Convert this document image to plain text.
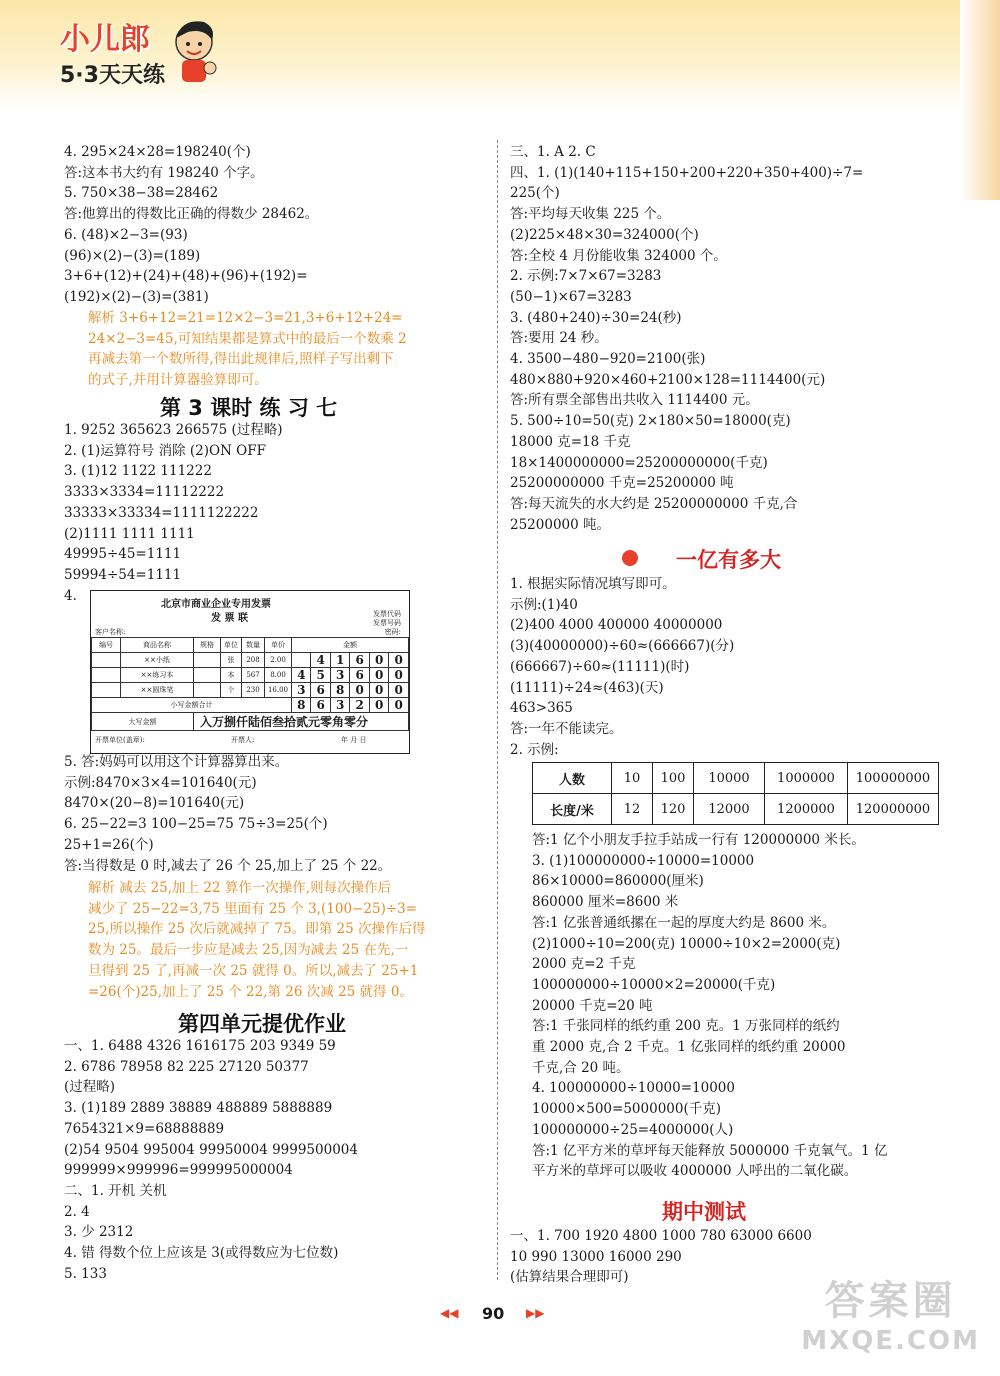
小儿郎
5·3天天练
4. 295×24×28=198240(个)
答:这本书大约有 198240 个字。
5. 750×38−38=28462
答:他算出的得数比正确的得数少 28462。
6. (48)×2−3=(93)
(96)×(2)−(3)=(189)
3+6+(12)+(24)+(48)+(96)+(192)=
(192)×(2)−(3)=(381)
解析 3+6+12=21=12×2−3=21,3+6+12+24=
24×2−3=45,可知结果都是算式中的最后一个数乘 2
再减去第一个数所得,得出此规律后,照样子写出剩下
的式子,并用计算器验算即可。
第 3 课时 练 习 七
1. 9252 365623 266575 (过程略)
2. (1)运算符号 消除 (2)ON OFF
3. (1)12 1122 111222
3333×3334=11112222
33333×33334=1111122222
(2)1111 1111 1111
49995÷45=1111
59994÷54=1111
4.
5. 答:妈妈可以用这个计算器算出来。
示例:8470×3×4=101640(元)
8470×(20−8)=101640(元)
6. 25−22=3 100−25=75 75÷3=25(个)
25+1=26(个)
答:当得数是 0 时,减去了 26 个 25,加上了 25 个 22。
解析 减去 25,加上 22 算作一次操作,则每次操作后
减少了 25−22=3,75 里面有 25 个 3,(100−25)÷3=
25,所以操作 25 次后就减掉了 75。即第 25 次操作后得
数为 25。最后一步应是减去 25,因为减去 25 在先,一
旦得到 25 了,再减一次 25 就得 0。所以,减去了 25+1
=26(个)25,加上了 25 个 22,第 26 次减 25 就得 0。
第四单元提优作业
一、1. 6488 4326 1616175 203 9349 59
2. 6786 78958 82 225 27120 50377
(过程略)
3. (1)189 2889 38889 488889 5888889
7654321×9=68888889
(2)54 9504 995004 99950004 9999500004
999999×999996=999995000004
二、1. 开机 关机
2. 4
3. 少 2312
4. 错 得数个位上应该是 3(或得数应为七位数)
5. 133
北京市商业企业专用发票
发 票 联	发票代码
发票号码
密码:
客户名称:
编号	商品名称	规格	单位	数量	单价	金额					
	××小纸		张	208	2.00		4	1	6	0	0
	××练习本		本	567	8.00	4	5	3	6	0	0
	××圆珠笔		个	230	16.00	3	6	8	0	0	0
小写金额合计						8	6	3	2	0	0
大写金额		⼊万捌仟陆佰叁拾贰元零角零分									
开票单位(盖章):	开票人:	年 月 日
三、1. A 2. C
四、1. (1)(140+115+150+200+220+350+400)÷7=
225(个)
答:平均每天收集 225 个。
(2)225×48×30=324000(个)
答:全校 4 月份能收集 324000 个。
2. 示例:7×7×67=3283
(50−1)×67=3283
3. (480+240)÷30=24(秒)
答:要用 24 秒。
4. 3500−480−920=2100(张)
480×880+920×460+2100×128=1114400(元)
答:所有票全部售出共收入 1114400 元。
5. 500÷10=50(克) 2×180×50=18000(克)
18000 克=18 千克
18×1400000000=25200000000(千克)
25200000000 千克=25200000 吨
答:每天流失的水大约是 25200000000 千克,合
25200000 吨。
一亿有多大
1. 根据实际情况填写即可。
示例:(1)40
(2)400 4000 400000 40000000
(3)(40000000)÷60≈(666667)(分)
(666667)÷60≈(11111)(时)
(11111)÷24≈(463)(天)
463>365
答:一年不能读完。
2. 示例:
答:1 亿个小朋友手拉手站成一行有 120000000 米长。
3. (1)100000000÷10000=10000
86×10000=860000(厘米)
860000 厘米=8600 米
答:1 亿张普通纸摞在一起的厚度大约是 8600 米。
(2)1000÷10=200(克) 10000÷10×2=2000(克)
2000 克=2 千克
100000000÷10000×2=20000(千克)
20000 千克=20 吨
答:1 千张同样的纸约重 200 克。1 万张同样的纸约
重 2000 克,合 2 千克。1 亿张同样的纸约重 20000
千克,合 20 吨。
4. 100000000÷10000=10000
10000×500=5000000(千克)
100000000÷25=4000000(人)
答:1 亿平方米的草坪每天能释放 5000000 千克氧气。1 亿
平方米的草坪可以吸收 4000000 人呼出的二氧化碳。
期中测试
一、1. 700 1920 4800 1000 780 63000 6600
10 990 13000 16000 290
(估算结果合理即可)
人数	10	100	10000	1000000	100000000
长度/米	12	120	12000	1200000	120000000
◀◀ 90 ▶▶	答案圈
MXQE.COM
